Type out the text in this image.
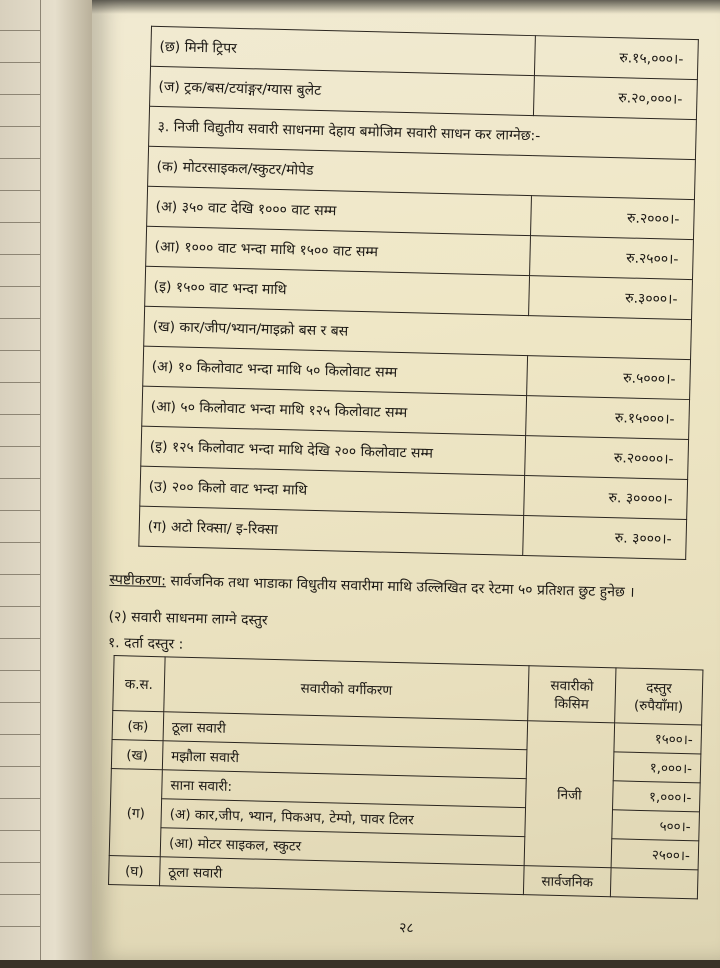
(छ) मिनी ट्रिपर	रु.१५,०००।-
(ज) ट्रक/बस/टयांङ्गर/ग्यास बुलेट	रु.२०,०००।-
३. निजी विद्युतीय सवारी साधनमा देहाय बमोजिम सवारी साधन कर लाग्नेछ:-	
(क) मोटरसाइकल/स्कुटर/मोपेड	
(अ) ३५० वाट देखि १००० वाट सम्म	रु.२०००।-
(आ) १००० वाट भन्दा माथि १५०० वाट सम्म	रु.२५००।-
(इ) १५०० वाट भन्दा माथि	रु.३०००।-
(ख) कार/जीप/भ्यान/माइक्रो बस र बस	
(अ) १० किलोवाट भन्दा माथि ५० किलोवाट सम्म	रु.५०००।-
(आ) ५० किलोवाट भन्दा माथि १२५ किलोवाट सम्म	रु.१५०००।-
(इ) १२५ किलोवाट भन्दा माथि देखि २०० किलोवाट सम्म	रु.२००००।-
(उ) २०० किलो वाट भन्दा माथि	रु. ३००००।-
(ग) अटो रिक्सा/ इ-रिक्सा	रु. ३०००।-
स्पष्टीकरण: सार्वजनिक तथा भाडाका विधुतीय सवारीमा माथि उल्लिखित दर रेटमा ५० प्रतिशत छुट हुनेछ ।
(२) सवारी साधनमा लाग्ने दस्तुर
१. दर्ता दस्तुर :
क.स.	सवारीको वर्गीकरण	सवारीको किसिम	दस्तुर (रुपैयाँमा)
(क)	ठूला सवारी	निजी	१५००।-
(ख)	मझौला सवारी		१,०००।-
(ग)	साना सवारी:		१,०००।-
	(अ) कार,जीप, भ्यान, पिकअप, टेम्पो, पावर टिलर		५००।-
	(आ) मोटर साइकल, स्कुटर		२५००।-
(घ)	ठूला सवारी	सार्वजनिक	
२८
